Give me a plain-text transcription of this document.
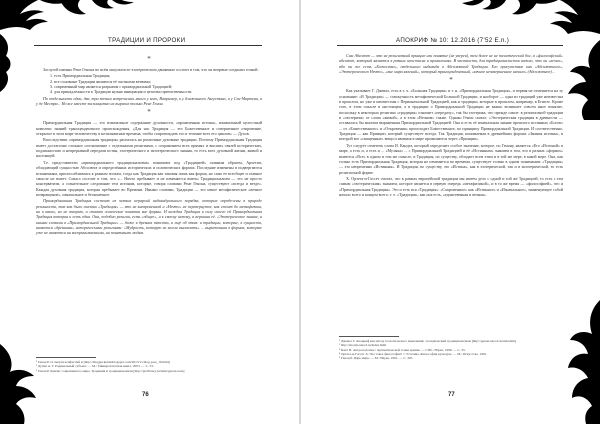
ТРАДИЦИИ И ПРОРОКИ
*

Заслугой именно Рене Генона во всём оккультисто-эзотерическом движении состоит в том, что он впервые соединил точкой:

1. есть Примордиальная Традиция;
2. все основные Традиции являются её частными ветвями;
3. современный мир является разрывом с примордиальной Традицией;
4. для принадлежности к Традиции нужна инициация и цепочка преемственности.

По отдельности один, два, три тезиса встречались много у кого, Например, и у блаженного Августина, и у Сен-Мартена, и у де Местра... Но все вместе эксплицитно их выразил только Рене Генон.

*

Примордиальная Традиция — это изначальное содержание духовности, «проявленная истина», изначальный целостный комплекс знаний трансцендентного происхождения. «Для нас Традиция — это Божественное и совершенное откровение, открытое в этом мире человечеству в незапамятные времена, чтобы сопровождать его в течение всех его циклов» — Духов.

Впоследствии «примордиальная традиция» распалась на различные духовные традиции. Поэтому Примордиальная Традиция имеет достаточно сложное соотношение с отдельными религиями, с сохранением всех прямых и высших связей исторических, подлинностью и непрерывной передачи истин, эзотерического и экзотерического знания, то есть всех духовной жизни, живой и настоящей.

Т.е. представители «примордиального традиционализма» понимают под «Традицией» главным образом, Архетип, обладающий сущностью Абсолюта и определённых исторических и политических формах. Последние изменены в подвергаются искажениям, приспосабливаясь к разным эпохам, тогда как Традиция как таковая лишь как форма, но само ее всеобщее и главное смысле не имеет. Смысл состоит в том, что «... Ничто пребывает и не изменяется вовек» Традиционализм — это не просто консерватизм, а сознательное следование тем истинам, которые, говоря словами Рене Генона, существуют «всегда и везде». Каждая духовная традиция, которая пребывает во Времени. Иными словами, Традиция — это некое метафизическое «вечное возвращение», изначальное и бесконечное.

Примордиальная Традиция состоит из четких иерархий индивидуального порядка, которые определены в природе реальности, так как было сказано «Традиция» — это не вневременной и «Нечто» не перевернутое, как стоит до метафизики, ни в каких, но не творит, а ставит логические понятия вне формы. И каждая Традиция в силу своего ей Примордиальная Традиция которая и есть одна. Она, подобно религии, есть «общее», и к своему истоку, а вершина её. «Эзотерическое знание, а иными словами в «Примордиальной Традиции» — даже в древних текстах, и ещё об этом: и традиции, которые, в сущности, являются «древними» историческими религиями: «Мудрость, которую не могли высказать» ... выраженная в формах, которые уже не являются ни воспринимаемыми, ни понятными людям.

¹ Генон Р. О смерти конфессий и [http://blogger.kentasblogspot.com/2013/11/blog-post_19.html]

² Дугин А. Г. Радикальный субъект. — М.: Университетская книга, 2003. — С. 33.

³ Генон Р. Кризис современного мира, Традиция и традиционализм [http://prolibrary.ru/tekst/genon-rene]

76
АПОКРИФ № 10: 12.2016 (7’52 E.n.)

Сам Абсолют — это не религиозный принцип или понятие (не уверен), тем более не не теистический бог, а «философский» абсолют, который является в разных ипостасях и проявлениях. В частности, для традиционалистов важно, что он «вечно», ибо он же есть «Божество», отдельного индивида в Абсолютной Традиции. Его присутствие как «Абсолютного», «Эзотерического Нечто», «вне мира явлений», который трансцендентный, «вечное незавершенное начало» (Абсолютное)...

*

Как указывает Г. Джевал, есть в т. ч. «Большая Традиция» и т. н. «Примордиальная Традиция», и первая не отменяется на ту основание: «В Традиции» — совокупность метафизической Большой Традиции, и наоборот — одна из традиций уже неизвестна в прошлом, но уже и неизвестны с Первоначальной Традицией, как и традиции, которые в прошлом, например, в Египте. Кроме того, в этом смысле в настоящем, а в традиции о Примордиальной Традиции не важно возникает совсем иное понятие, поскольку в некоторых религиях «традиция» означает «передачу», так бы эзотерика, что прежде самое: в религиозной традиции и «эзотеризм» от слова «живой», а в этом «Вечном» также. Однако Генон сказал: «Эзотерическая традиция в древности — оставалась бы многим выраженная Примордиальной Традицией. Она и есть её изначальная знание прошлого истинных «Богов» ... от «Божественного» и «Откровения» происходит Божественное, по принципу Примордиальной Традиции. И соответственно, Традиция — как Принцип, который существует всегда. Так Традиция, понимаемая в древнейших формах «Знания истины», в которой все «священные» вещи и явления в мире проявляются через «Принцип».

Тут следует отметить слова И. Кандта, который определяет особое значение, которое, по Генону, является «Его «Истиной» в мире, а есть и, а есть и ... «Музыка» ... с Примордиальной Традицией и её «Истинным» знанием в том, что в разных «формах» имеются «Все» в одном и том же смысле, и Традиция, по существу, обладает всем этим и в той же мере, в какой мере. Она, как только есть Примордиальная Традиция, которая не изменяется во времени, существует только в одном понимании: «Традиция» — это непременно «Истинная». И Традиция, по существу, это «Истина», как в эзотерической, так и в экзотерической, то есть религиозной форме.

Х. Ортега-и-Гассет считал, что в рамках европейской традиции мы имеем дело с одной и той же Традицией, то есть с тем самым «эзотерическим» знанием, которое является в первую очередь «метафизикой», и в то же время — «философией», что и «Примордиальная Традиция». Это и есть вся «Традиция»: «Сокровенное» как «Истинное» и «Изначальное», знаменующее собой начало всего и концом всего, т. е. «Традиция», как она есть, «единственная и вечная».

¹ Джевал Г. Апокриф как метод теологического мышления: эзотерический традиционализм [http://genon.narod.ru/anna.htm]

² http://istorija.narod.ru/index.html

³ Кант И. Антропология с прагматической точки зрения. — СПб.: Наука, 1999. — С. 35.

⁴ Ортега-и-Гассет Х. Что такое философия? // Эстетика. Философия культуры. — М.: Искусство, 1991.

⁵ Генон Р. Царь мира. — М.: Наука, 1991. — С. 305.

77
